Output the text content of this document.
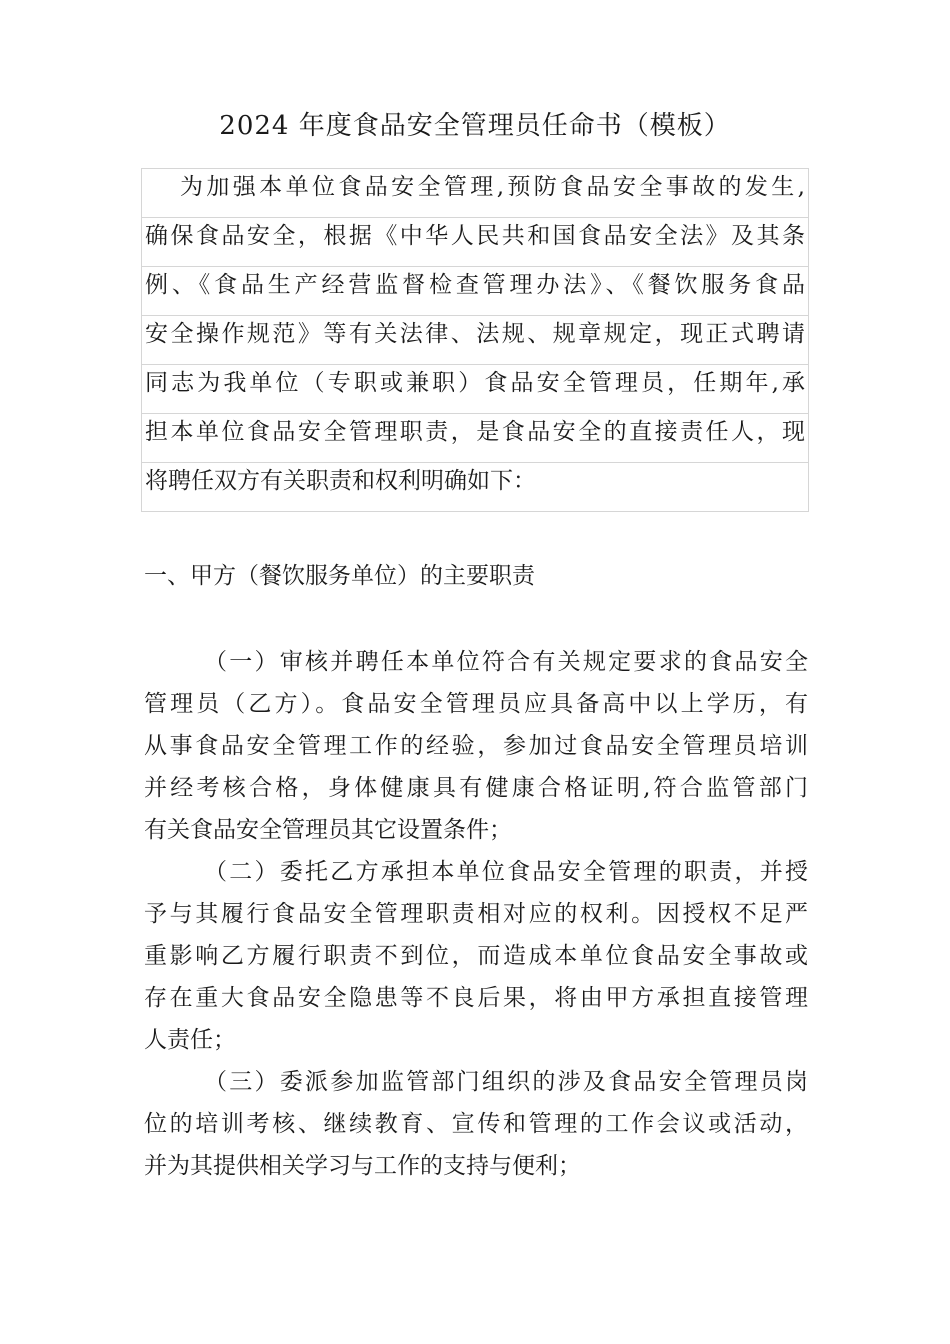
2024 年度食品安全管理员任命书（模板）
为加强本单位食品安全管理,预防食品安全事故的发生,
确保食品安全，根据《中华人民共和国食品安全法》及其条
例、《食品生产经营监督检查管理办法》、《餐饮服务食品
安全操作规范》等有关法律、法规、规章规定，现正式聘请
同志为我单位（专职或兼职）食品安全管理员，任期年,承
担本单位食品安全管理职责，是食品安全的直接责任人，现
将聘任双方有关职责和权利明确如下：
一、甲方（餐饮服务单位）的主要职责
（一）审核并聘任本单位符合有关规定要求的食品安全
管理员（乙方）。食品安全管理员应具备高中以上学历，有
从事食品安全管理工作的经验，参加过食品安全管理员培训
并经考核合格，身体健康具有健康合格证明,符合监管部门
有关食品安全管理员其它设置条件；
（二）委托乙方承担本单位食品安全管理的职责，并授
予与其履行食品安全管理职责相对应的权利。因授权不足严
重影响乙方履行职责不到位，而造成本单位食品安全事故或
存在重大食品安全隐患等不良后果，将由甲方承担直接管理
人责任；
（三）委派参加监管部门组织的涉及食品安全管理员岗
位的培训考核、继续教育、宣传和管理的工作会议或活动，
并为其提供相关学习与工作的支持与便利；
